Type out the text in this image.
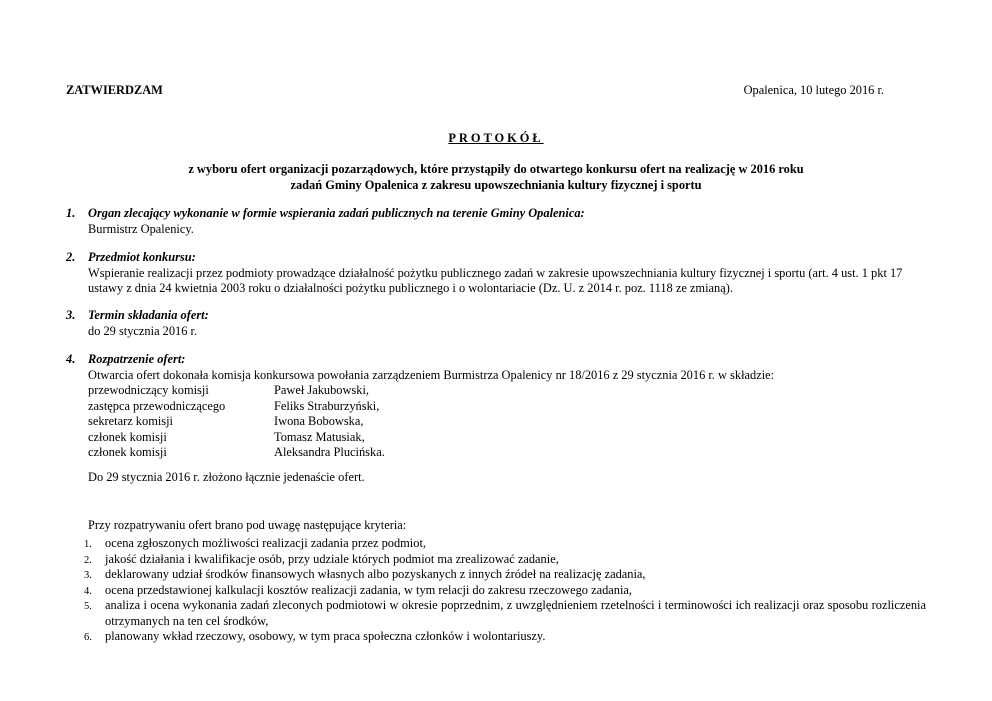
ZATWIERDZAM	Opalenica, 10 lutego 2016 r.
PROTOKÓŁ
z wyboru ofert organizacji pozarządowych, które przystąpiły do otwartego konkursu ofert na realizację w 2016 roku
zadań Gminy Opalenica z zakresu upowszechniania kultury fizycznej i sportu
1. Organ zlecający wykonanie w formie wspierania zadań publicznych na terenie Gminy Opalenica:
Burmistrz Opalenicy.
2. Przedmiot konkursu:
Wspieranie realizacji przez podmioty prowadzące działalność pożytku publicznego zadań w zakresie upowszechniania kultury fizycznej i sportu (art. 4 ust. 1 pkt 17 ustawy z dnia 24 kwietnia 2003 roku o działalności pożytku publicznego i o wolontariacie (Dz. U. z 2014 r. poz. 1118 ze zmianą).
3. Termin składania ofert:
do 29 stycznia 2016 r.
4. Rozpatrzenie ofert:
Otwarcia ofert dokonała komisja konkursowa powołania zarządzeniem Burmistrza Opalenicy nr 18/2016 z 29 stycznia 2016 r. w składzie:
przewodniczący komisji	Paweł Jakubowski,
zastępca przewodniczącego	Feliks Straburzyński,
sekretarz komisji	Iwona Bobowska,
członek komisji	Tomasz Matusiak,
członek komisji	Aleksandra Plucińska.
Do 29 stycznia 2016 r. złożono łącznie jedenaście ofert.
Przy rozpatrywaniu ofert brano pod uwagę następujące kryteria:
1. ocena zgłoszonych możliwości realizacji zadania przez podmiot,
2. jakość działania i kwalifikacje osób, przy udziale których podmiot ma zrealizować zadanie,
3. deklarowany udział środków finansowych własnych albo pozyskanych z innych źródeł na realizację zadania,
4. ocena przedstawionej kalkulacji kosztów realizacji zadania, w tym relacji do zakresu rzeczowego zadania,
5. analiza i ocena wykonania zadań zleconych podmiotowi w okresie poprzednim, z uwzględnieniem rzetelności i terminowości ich realizacji oraz sposobu rozliczenia otrzymanych na ten cel środków,
6. planowany wkład rzeczowy, osobowy, w tym praca społeczna członków i wolontariuszy.
